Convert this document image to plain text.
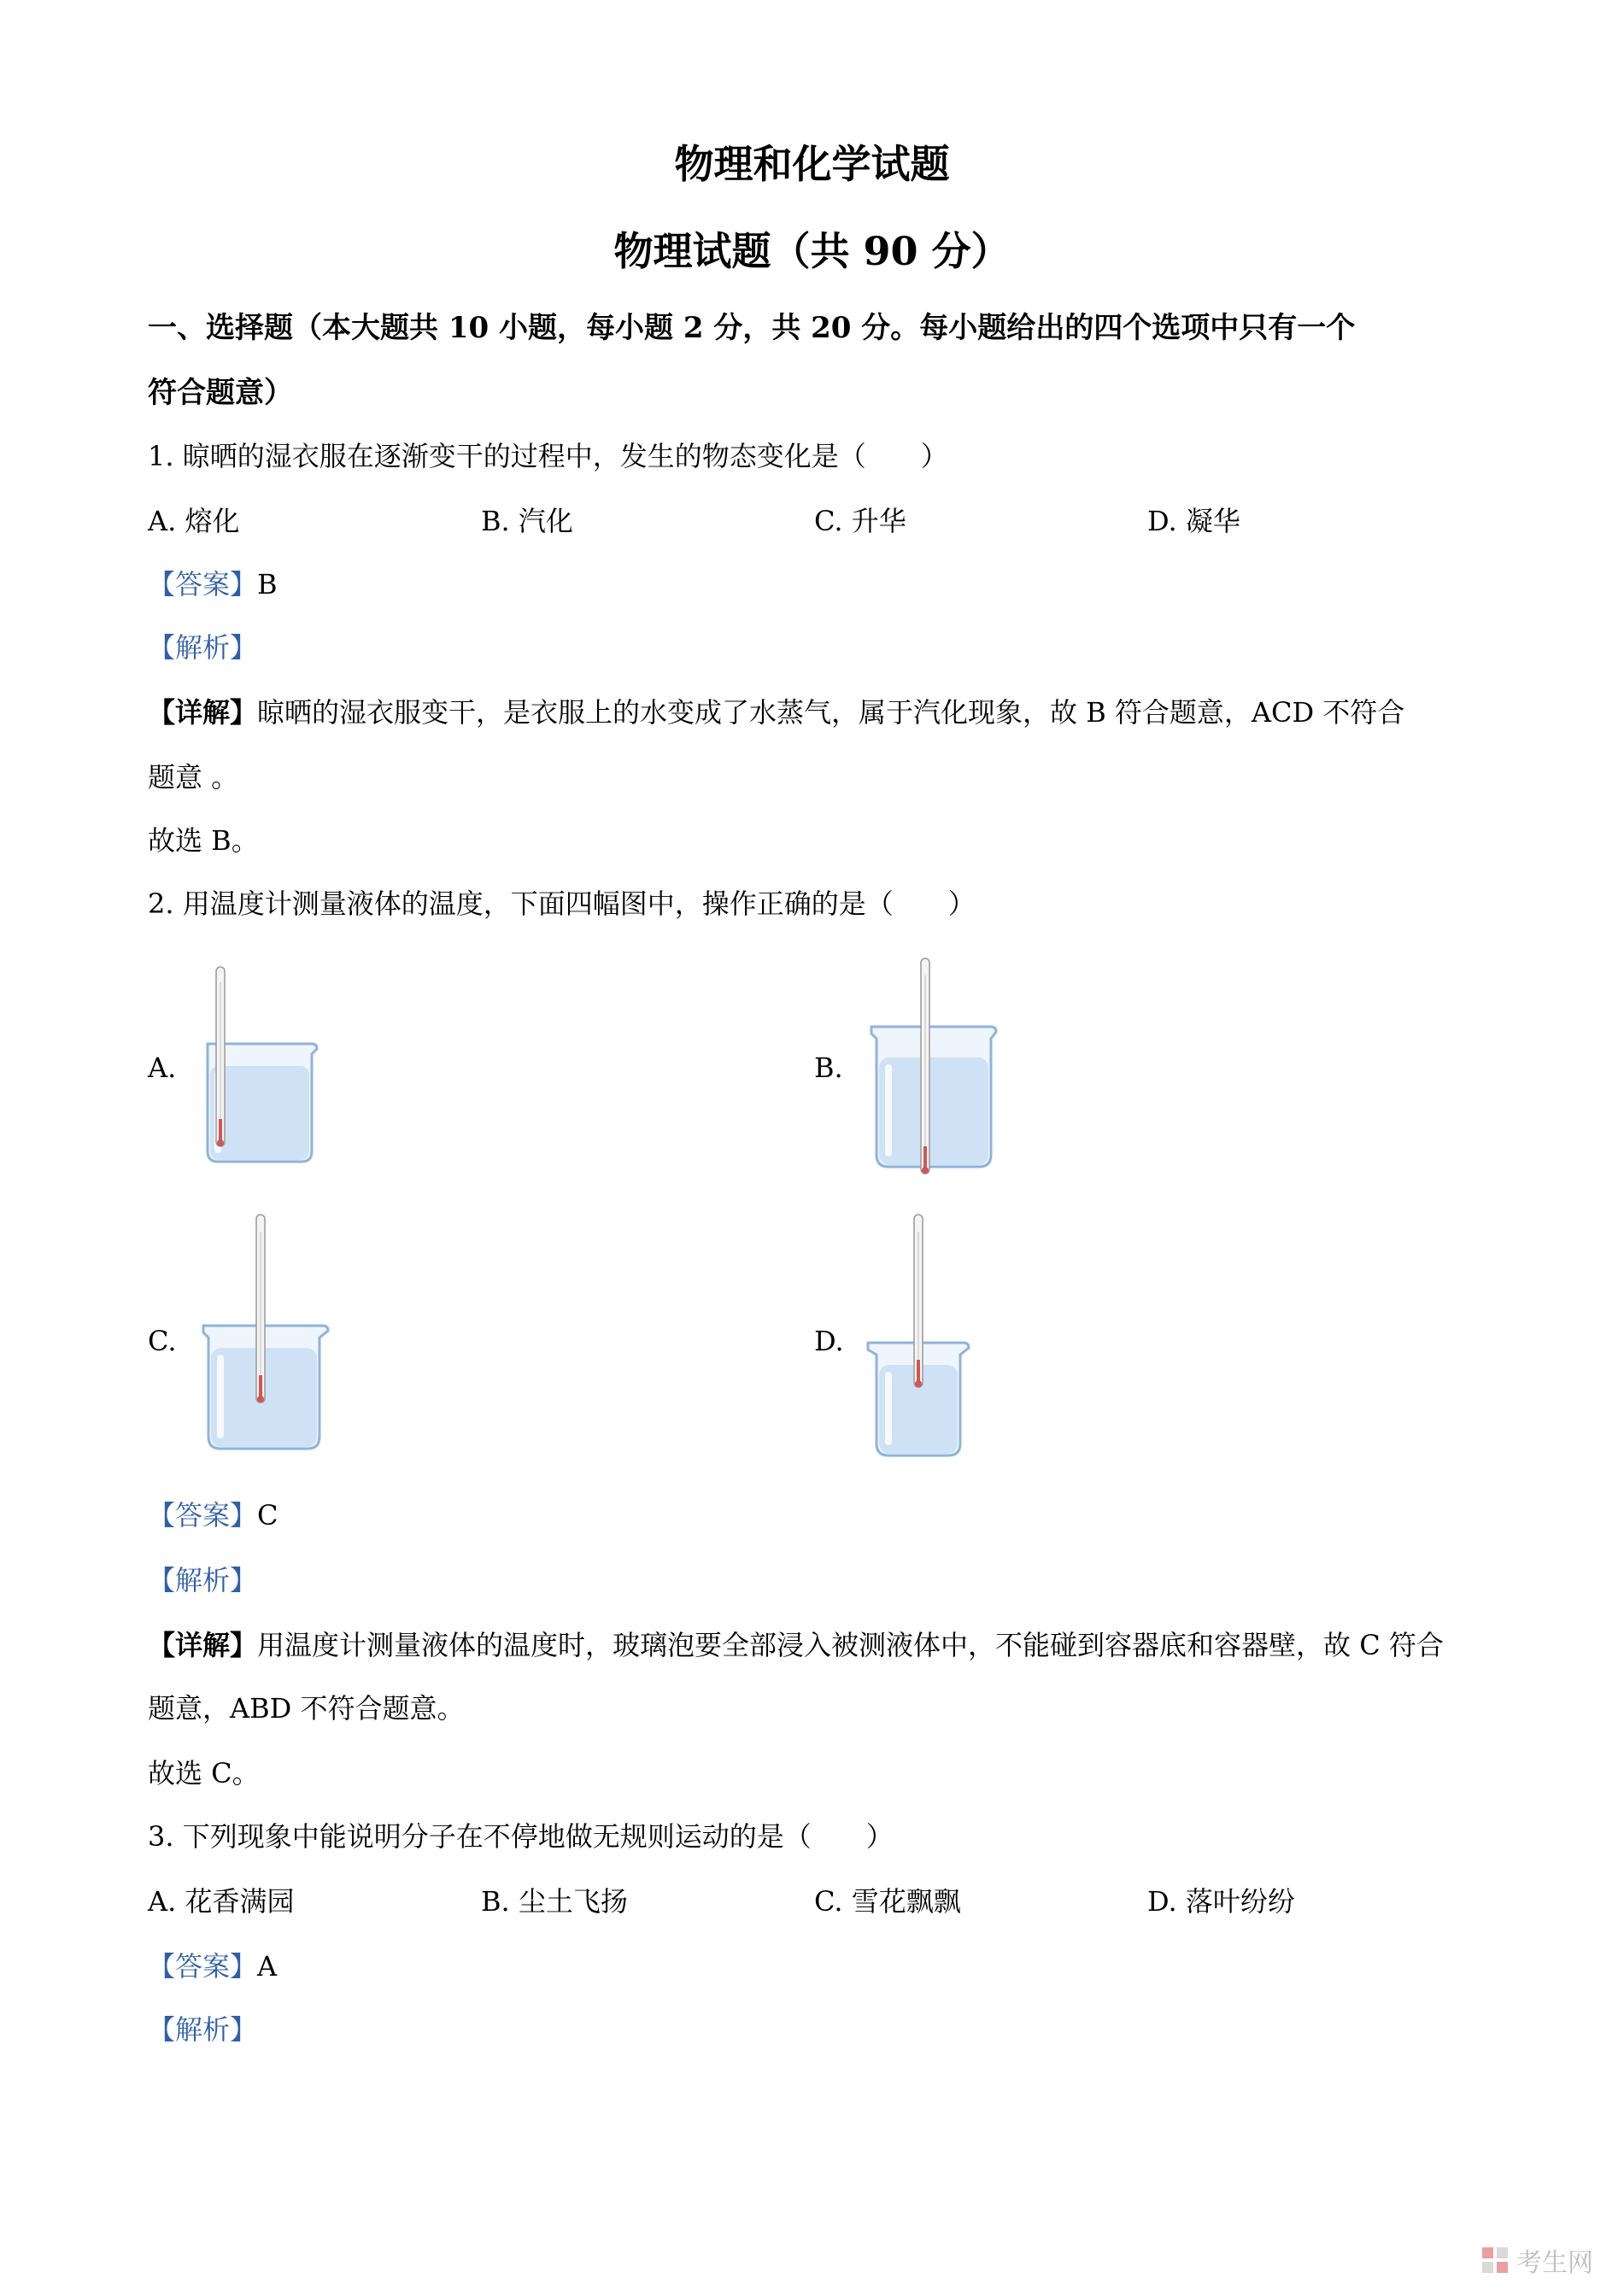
物理和化学试题
物理试题（共 90 分）
一、选择题（本大题共 10 小题，每小题 2 分，共 20 分。每小题给出的四个选项中只有一个
符合题意）
1. 晾晒的湿衣服在逐渐变干的过程中，发生的物态变化是（　　）
A. 熔化	B. 汽化	C. 升华	D. 凝华
【答案】B
【解析】
【详解】晾晒的湿衣服变干，是衣服上的水变成了水蒸气，属于汽化现象，故 B 符合题意，ACD 不符合
题意 。
故选 B。
2. 用温度计测量液体的温度，下面四幅图中，操作正确的是（　　）
A.	B.
C.	D.
【答案】C
【解析】
【详解】用温度计测量液体的温度时，玻璃泡要全部浸入被测液体中，不能碰到容器底和容器壁，故 C 符合
题意，ABD 不符合题意。
故选 C。
3. 下列现象中能说明分子在不停地做无规则运动的是（　　）
A. 花香满园	B. 尘土飞扬	C. 雪花飘飘	D. 落叶纷纷
【答案】A
【解析】
考生网
